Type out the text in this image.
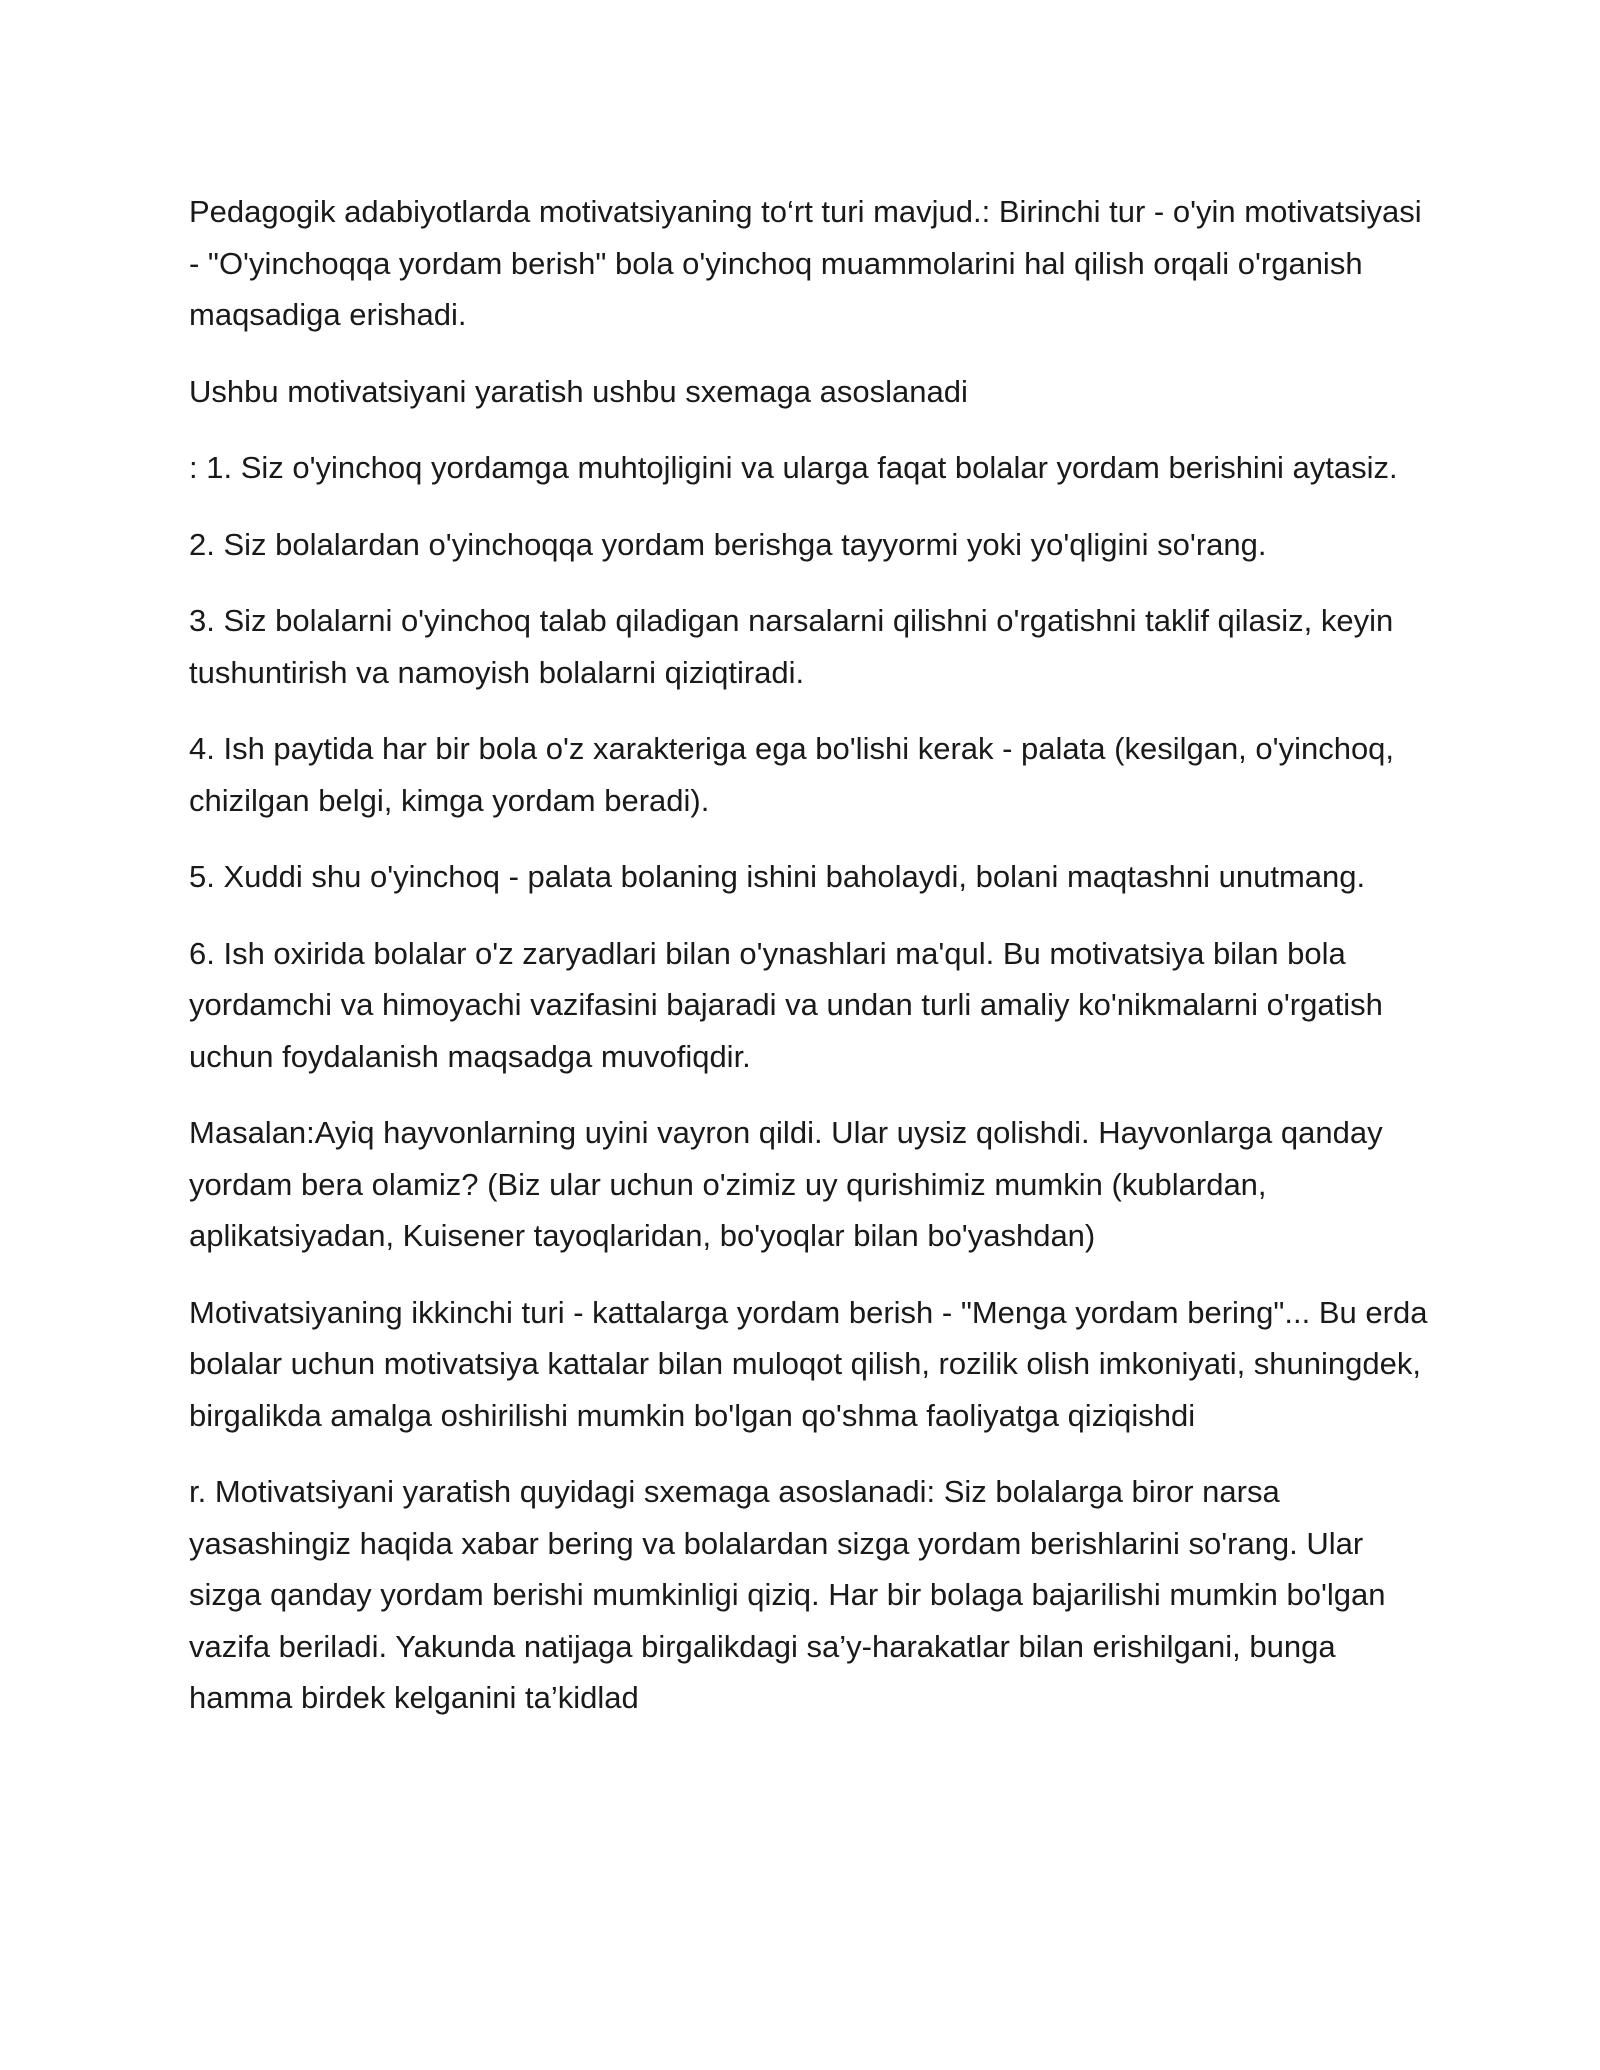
Pedagogik adabiyotlarda motivatsiyaning to‘rt turi mavjud.: Birinchi tur - o'yin motivatsiyasi - "O'yinchoqqa yordam berish" bola o'yinchoq muammolarini hal qilish orqali o'rganish maqsadiga erishadi.

Ushbu motivatsiyani yaratish ushbu sxemaga asoslanadi

: 1. Siz o'yinchoq yordamga muhtojligini va ularga faqat bolalar yordam berishini aytasiz.

2. Siz bolalardan o'yinchoqqa yordam berishga tayyormi yoki yo'qligini so'rang.

3. Siz bolalarni o'yinchoq talab qiladigan narsalarni qilishni o'rgatishni taklif qilasiz, keyin tushuntirish va namoyish bolalarni qiziqtiradi.

4. Ish paytida har bir bola o'z xarakteriga ega bo'lishi kerak - palata (kesilgan, o'yinchoq, chizilgan belgi, kimga yordam beradi).

5. Xuddi shu o'yinchoq - palata bolaning ishini baholaydi, bolani maqtashni unutmang.

6. Ish oxirida bolalar o'z zaryadlari bilan o'ynashlari ma'qul. Bu motivatsiya bilan bola yordamchi va himoyachi vazifasini bajaradi va undan turli amaliy ko'nikmalarni o'rgatish uchun foydalanish maqsadga muvofiqdir.

Masalan:Ayiq hayvonlarning uyini vayron qildi. Ular uysiz qolishdi. Hayvonlarga qanday yordam bera olamiz? (Biz ular uchun o'zimiz uy qurishimiz mumkin (kublardan, aplikatsiyadan, Kuisener tayoqlaridan, bo'yoqlar bilan bo'yashdan)

Motivatsiyaning ikkinchi turi - kattalarga yordam berish - "Menga yordam bering"... Bu erda bolalar uchun motivatsiya kattalar bilan muloqot qilish, rozilik olish imkoniyati, shuningdek, birgalikda amalga oshirilishi mumkin bo'lgan qo'shma faoliyatga qiziqishdi

r. Motivatsiyani yaratish quyidagi sxemaga asoslanadi: Siz bolalarga biror narsa yasashingiz haqida xabar bering va bolalardan sizga yordam berishlarini so'rang. Ular sizga qanday yordam berishi mumkinligi qiziq. Har bir bolaga bajarilishi mumkin bo'lgan vazifa beriladi. Yakunda natijaga birgalikdagi sa’y-harakatlar bilan erishilgani, bunga hamma birdek kelganini ta’kidlad
